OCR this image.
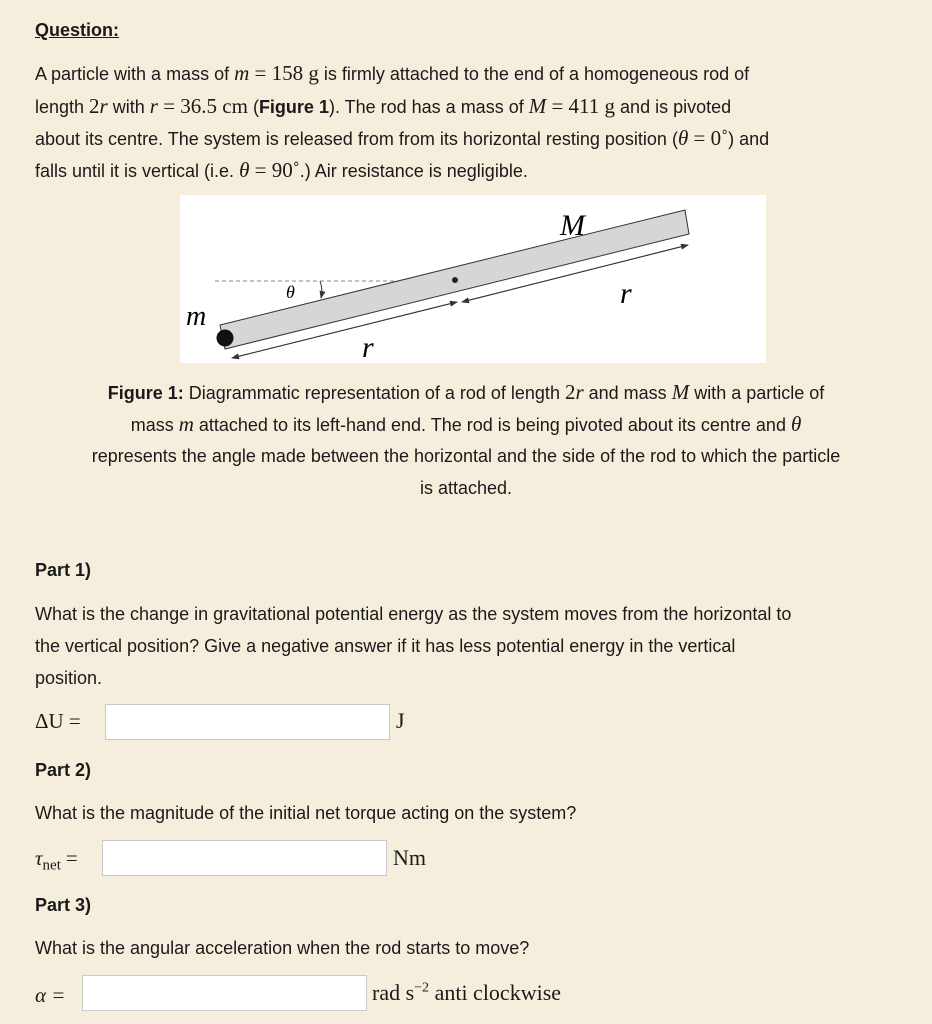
Question:
A particle with a mass of m = 158 g is firmly attached to the end of a homogeneous rod of
length 2r with r = 36.5 cm (Figure 1). The rod has a mass of M = 411 g and is pivoted
about its centre. The system is released from from its horizontal resting position (θ = 0˚) and
falls until it is vertical (i.e. θ = 90˚.) Air resistance is negligible.
m
θ
M
r
r
Figure 1: Diagrammatic representation of a rod of length 2r and mass M with a particle of
mass m attached to its left-hand end. The rod is being pivoted about its centre and θ
represents the angle made between the horizontal and the side of the rod to which the particle
is attached.
Part 1)
What is the change in gravitational potential energy as the system moves from the horizontal to
the vertical position? Give a negative answer if it has less potential energy in the vertical
position.
ΔU =	J
Part 2)
What is the magnitude of the initial net torque acting on the system?
$\tau_{net}$ =	Nm
Part 3)
What is the angular acceleration when the rod starts to move?
α =	rad $s^{-2}$ anti clockwise
